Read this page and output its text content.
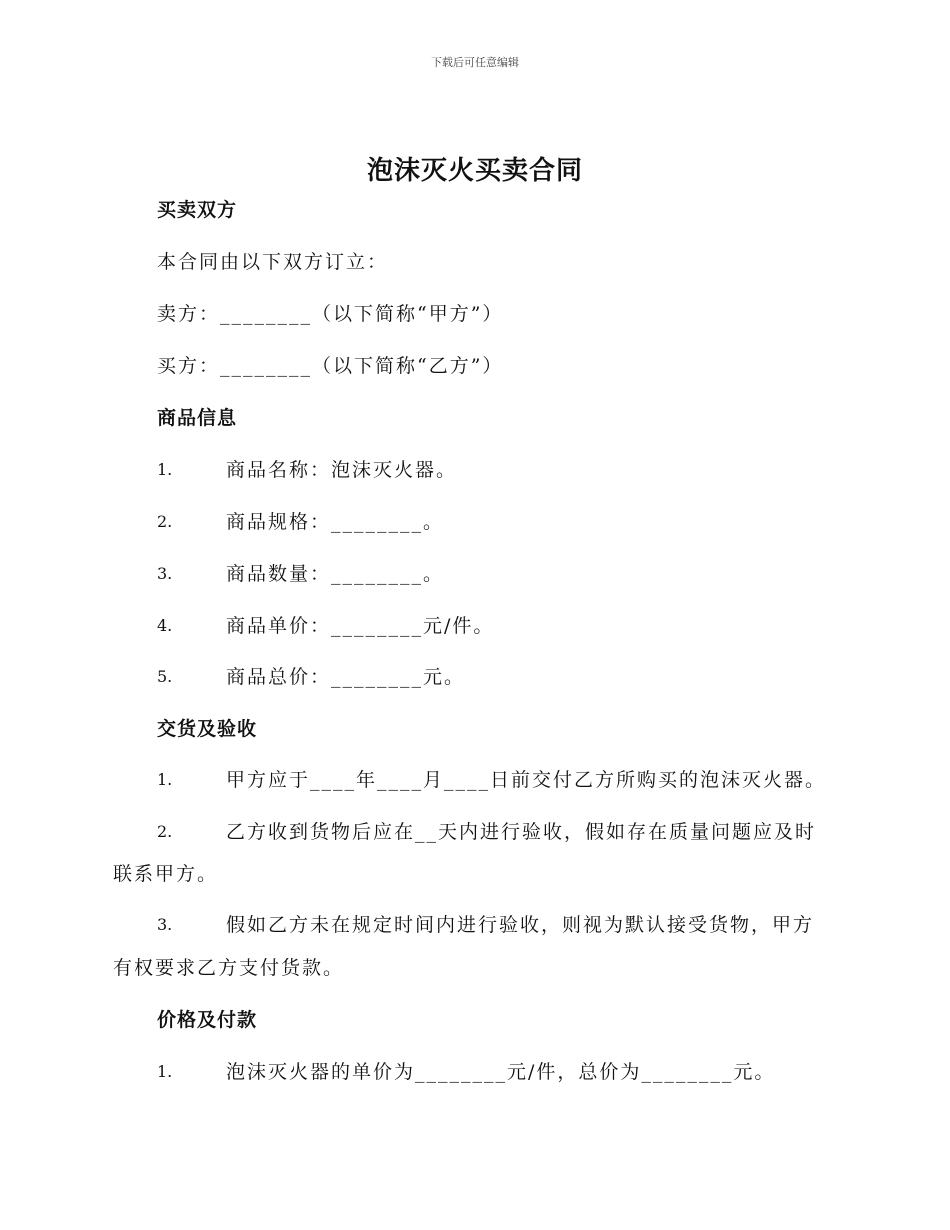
下载后可任意编辑
泡沫灭火买卖合同
买卖双方
本合同由以下双方订立：
卖方：________（以下简称“甲方”）
买方：________（以下简称“乙方”）
商品信息
1.	商品名称：泡沫灭火器。
2.	商品规格：________。
3.	商品数量：________。
4.	商品单价：________元/件。
5.	商品总价：________元。
交货及验收
1.	甲方应于____年____月____日前交付乙方所购买的泡沫灭火器。
2.	乙方收到货物后应在__天内进行验收，假如存在质量问题应及时
联系甲方。
3.	假如乙方未在规定时间内进行验收，则视为默认接受货物，甲方
有权要求乙方支付货款。
价格及付款
1.	泡沫灭火器的单价为________元/件，总价为________元。
